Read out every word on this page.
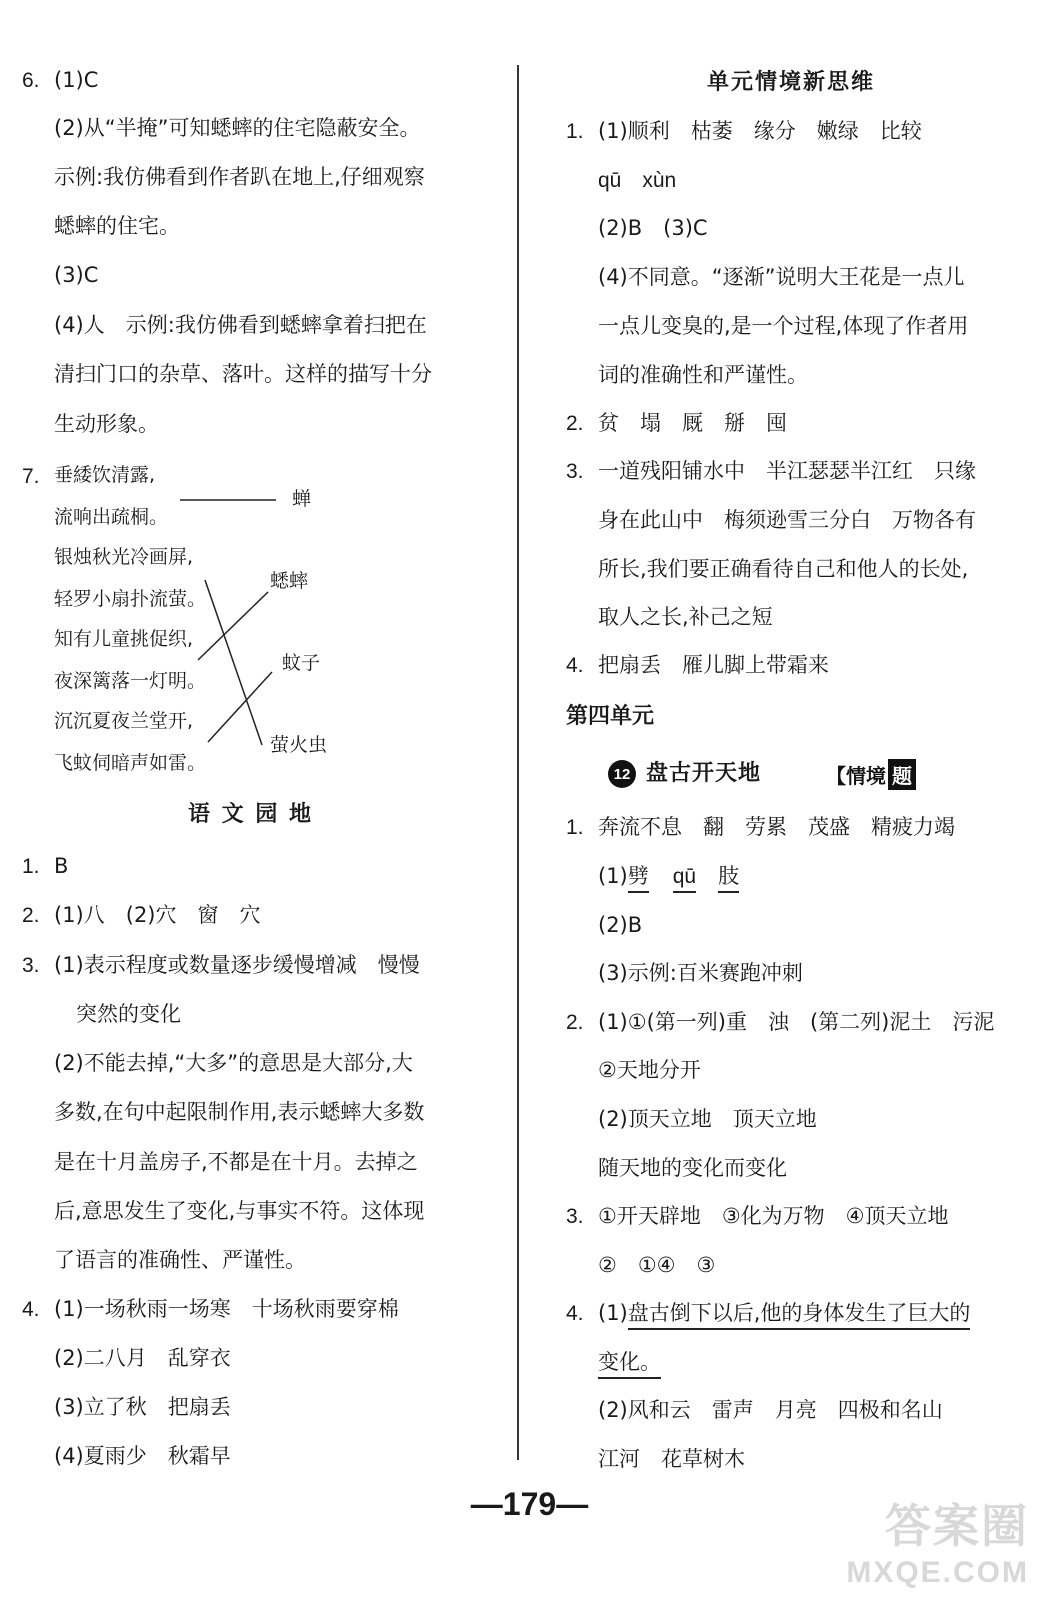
6. (1)C
(2)从“半掩”可知蟋蟀的住宅隐蔽安全。
示例:我仿佛看到作者趴在地上,仔细观察
蟋蟀的住宅。
(3)C
(4)人　示例:我仿佛看到蟋蟀拿着扫把在
清扫门口的杂草、落叶。这样的描写十分
生动形象。
7. 垂緌饮清露,
流响出疏桐。
银烛秋光冷画屏,
轻罗小扇扑流萤。
知有儿童挑促织,
夜深篱落一灯明。
沉沉夏夜兰堂开,
飞蚊伺暗声如雷。
蝉
蟋蟀
蚊子
萤火虫
语 文 园 地
1. B
2. (1)八　(2)穴　窗　穴
3. (1)表示程度或数量逐步缓慢增减　慢慢
突然的变化
(2)不能去掉,“大多”的意思是大部分,大
多数,在句中起限制作用,表示蟋蟀大多数
是在十月盖房子,不都是在十月。去掉之
后,意思发生了变化,与事实不符。这体现
了语言的准确性、严谨性。
4. (1)一场秋雨一场寒　十场秋雨要穿棉
(2)二八月　乱穿衣
(3)立了秋　把扇丢
(4)夏雨少　秋霜早
单元情境新思维
1. (1)顺利　枯萎　缘分　嫩绿　比较
qū　xùn
(2)B　(3)C
(4)不同意。“逐渐”说明大王花是一点儿
一点儿变臭的,是一个过程,体现了作者用
词的准确性和严谨性。
2. 贫　塌　厩　掰　囤
3. 一道残阳铺水中　半江瑟瑟半江红　只缘
身在此山中　梅须逊雪三分白　万物各有
所长,我们要正确看待自己和他人的长处,
取人之长,补己之短
4. 把扇丢　雁儿脚上带霜来
第四单元
12 盘古开天地	【情境 题
1. 奔流不息　翻　劳累　茂盛　精疲力竭
(1)劈 qū 肢
(2)B
(3)示例:百米赛跑冲刺
2. (1)①(第一列)重　浊　(第二列)泥土　污泥
②天地分开
(2)顶天立地　顶天立地
随天地的变化而变化
3. ①开天辟地　③化为万物　④顶天立地
②　①④　③
4. (1)盘古倒下以后,他的身体发生了巨大的
变化。
(2)风和云　雷声　月亮　四极和名山
江河　花草树木
—179—	答案圈
MXQE.COM
